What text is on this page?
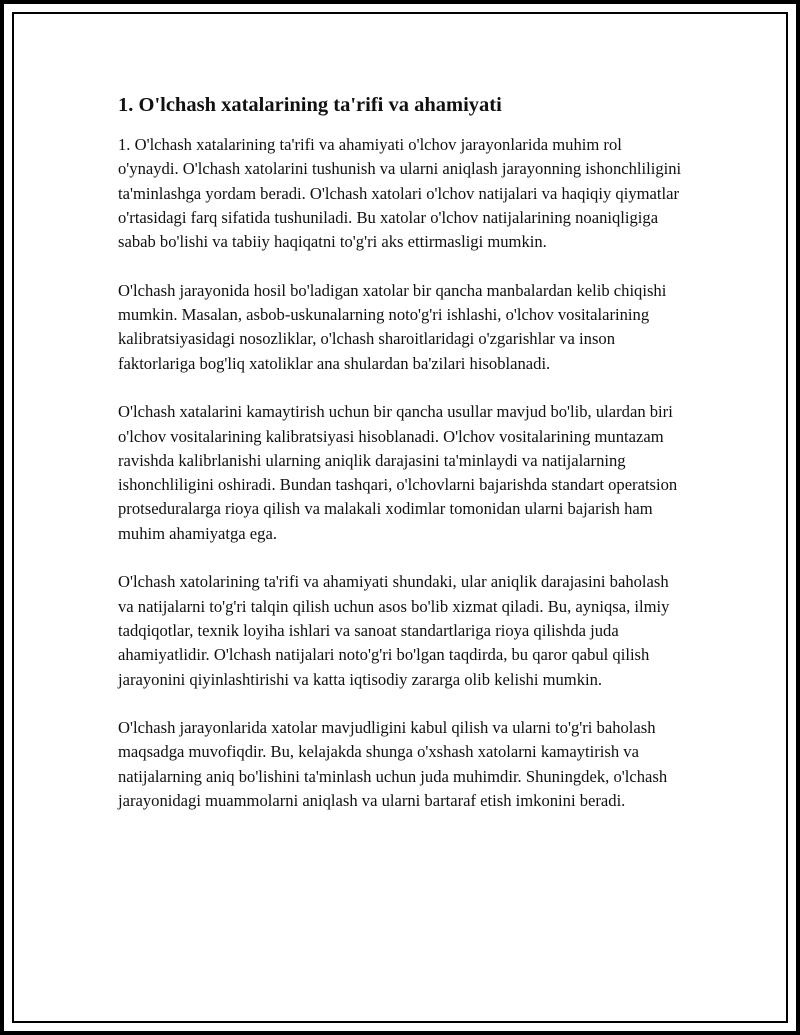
1. O'lchash xatalarining ta'rifi va ahamiyati

1. O'lchash xatalarining ta'rifi va ahamiyati o'lchov jarayonlarida muhim rol o'ynaydi. O'lchash xatolarini tushunish va ularni aniqlash jarayonning ishonchliligini ta'minlashga yordam beradi. O'lchash xatolari o'lchov natijalari va haqiqiy qiymatlar o'rtasidagi farq sifatida tushuniladi. Bu xatolar o'lchov natijalarining noaniqligiga sabab bo'lishi va tabiiy haqiqatni to'g'ri aks ettirmasligi mumkin.

O'lchash jarayonida hosil bo'ladigan xatolar bir qancha manbalardan kelib chiqishi mumkin. Masalan, asbob-uskunalarning noto'g'ri ishlashi, o'lchov vositalarining kalibratsiyasidagi nosozliklar, o'lchash sharoitlaridagi o'zgarishlar va inson faktorlariga bog'liq xatoliklar ana shulardan ba'zilari hisoblanadi.

O'lchash xatalarini kamaytirish uchun bir qancha usullar mavjud bo'lib, ulardan biri o'lchov vositalarining kalibratsiyasi hisoblanadi. O'lchov vositalarining muntazam ravishda kalibrlanishi ularning aniqlik darajasini ta'minlaydi va natijalarning ishonchliligini oshiradi. Bundan tashqari, o'lchovlarni bajarishda standart operatsion protseduralarga rioya qilish va malakali xodimlar tomonidan ularni bajarish ham muhim ahamiyatga ega.

O'lchash xatolarining ta'rifi va ahamiyati shundaki, ular aniqlik darajasini baholash va natijalarni to'g'ri talqin qilish uchun asos bo'lib xizmat qiladi. Bu, ayniqsa, ilmiy tadqiqotlar, texnik loyiha ishlari va sanoat standartlariga rioya qilishda juda ahamiyatlidir. O'lchash natijalari noto'g'ri bo'lgan taqdirda, bu qaror qabul qilish jarayonini qiyinlashtirishi va katta iqtisodiy zararga olib kelishi mumkin.

O'lchash jarayonlarida xatolar mavjudligini kabul qilish va ularni to'g'ri baholash maqsadga muvofiqdir. Bu, kelajakda shunga o'xshash xatolarni kamaytirish va natijalarning aniq bo'lishini ta'minlash uchun juda muhimdir. Shuningdek, o'lchash jarayonidagi muammolarni aniqlash va ularni bartaraf etish imkonini beradi.
